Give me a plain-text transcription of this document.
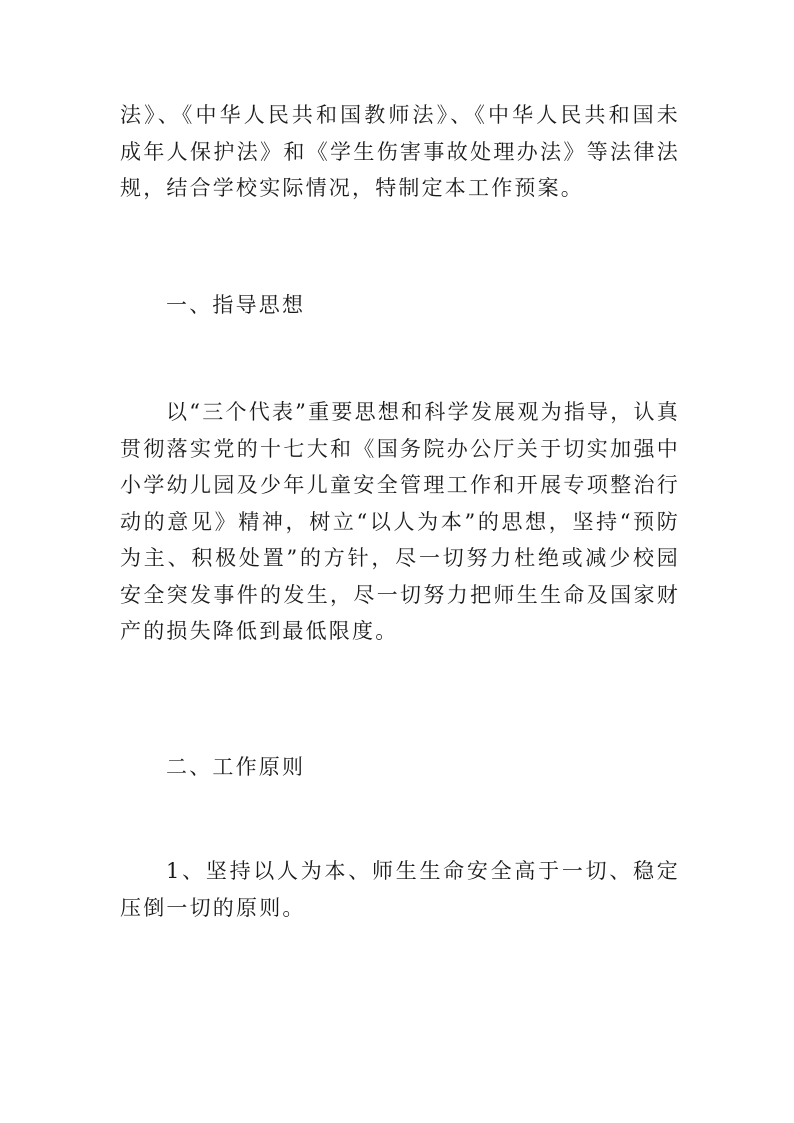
法》、《中华人民共和国教师法》、《中华人民共和国未成年人保护法》和《学生伤害事故处理办法》等法律法规，结合学校实际情况，特制定本工作预案。

一、指导思想

以“三个代表”重要思想和科学发展观为指导，认真贯彻落实党的十七大和《国务院办公厅关于切实加强中小学幼儿园及少年儿童安全管理工作和开展专项整治行动的意见》精神，树立“以人为本”的思想，坚持“预防为主、积极处置”的方针，尽一切努力杜绝或减少校园安全突发事件的发生，尽一切努力把师生生命及国家财产的损失降低到最低限度。

二、工作原则

1、坚持以人为本、师生生命安全高于一切、稳定压倒一切的原则。
